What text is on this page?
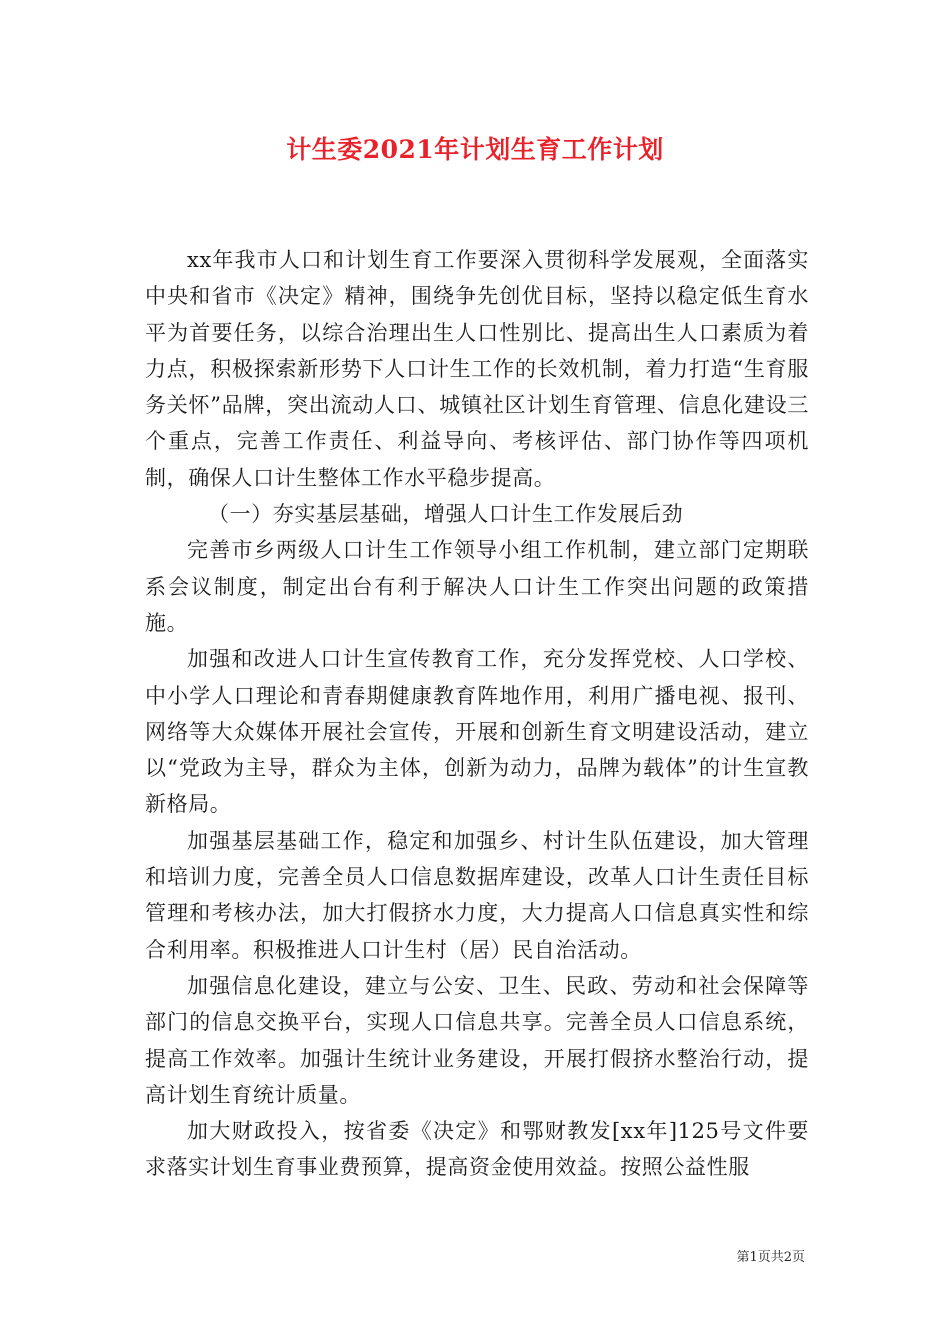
计生委2021年计划生育工作计划

xx年我市人口和计划生育工作要深入贯彻科学发展观，全面落实中央和省市《决定》精神，围绕争先创优目标，坚持以稳定低生育水平为首要任务，以综合治理出生人口性别比、提高出生人口素质为着力点，积极探索新形势下人口计生工作的长效机制，着力打造“生育服务关怀”品牌，突出流动人口、城镇社区计划生育管理、信息化建设三个重点，完善工作责任、利益导向、考核评估、部门协作等四项机制，确保人口计生整体工作水平稳步提高。

（一）夯实基层基础，增强人口计生工作发展后劲

完善市乡两级人口计生工作领导小组工作机制，建立部门定期联系会议制度，制定出台有利于解决人口计生工作突出问题的政策措施。

加强和改进人口计生宣传教育工作，充分发挥党校、人口学校、中小学人口理论和青春期健康教育阵地作用，利用广播电视、报刊、网络等大众媒体开展社会宣传，开展和创新生育文明建设活动，建立以“党政为主导，群众为主体，创新为动力，品牌为载体”的计生宣教新格局。

加强基层基础工作，稳定和加强乡、村计生队伍建设，加大管理和培训力度，完善全员人口信息数据库建设，改革人口计生责任目标管理和考核办法，加大打假挤水力度，大力提高人口信息真实性和综合利用率。积极推进人口计生村（居）民自治活动。

加强信息化建设，建立与公安、卫生、民政、劳动和社会保障等部门的信息交换平台，实现人口信息共享。完善全员人口信息系统，提高工作效率。加强计生统计业务建设，开展打假挤水整治行动，提高计划生育统计质量。

加大财政投入，按省委《决定》和鄂财教发[xx年]125号文件要求落实计划生育事业费预算，提高资金使用效益。按照公益性服

第1页共2页
